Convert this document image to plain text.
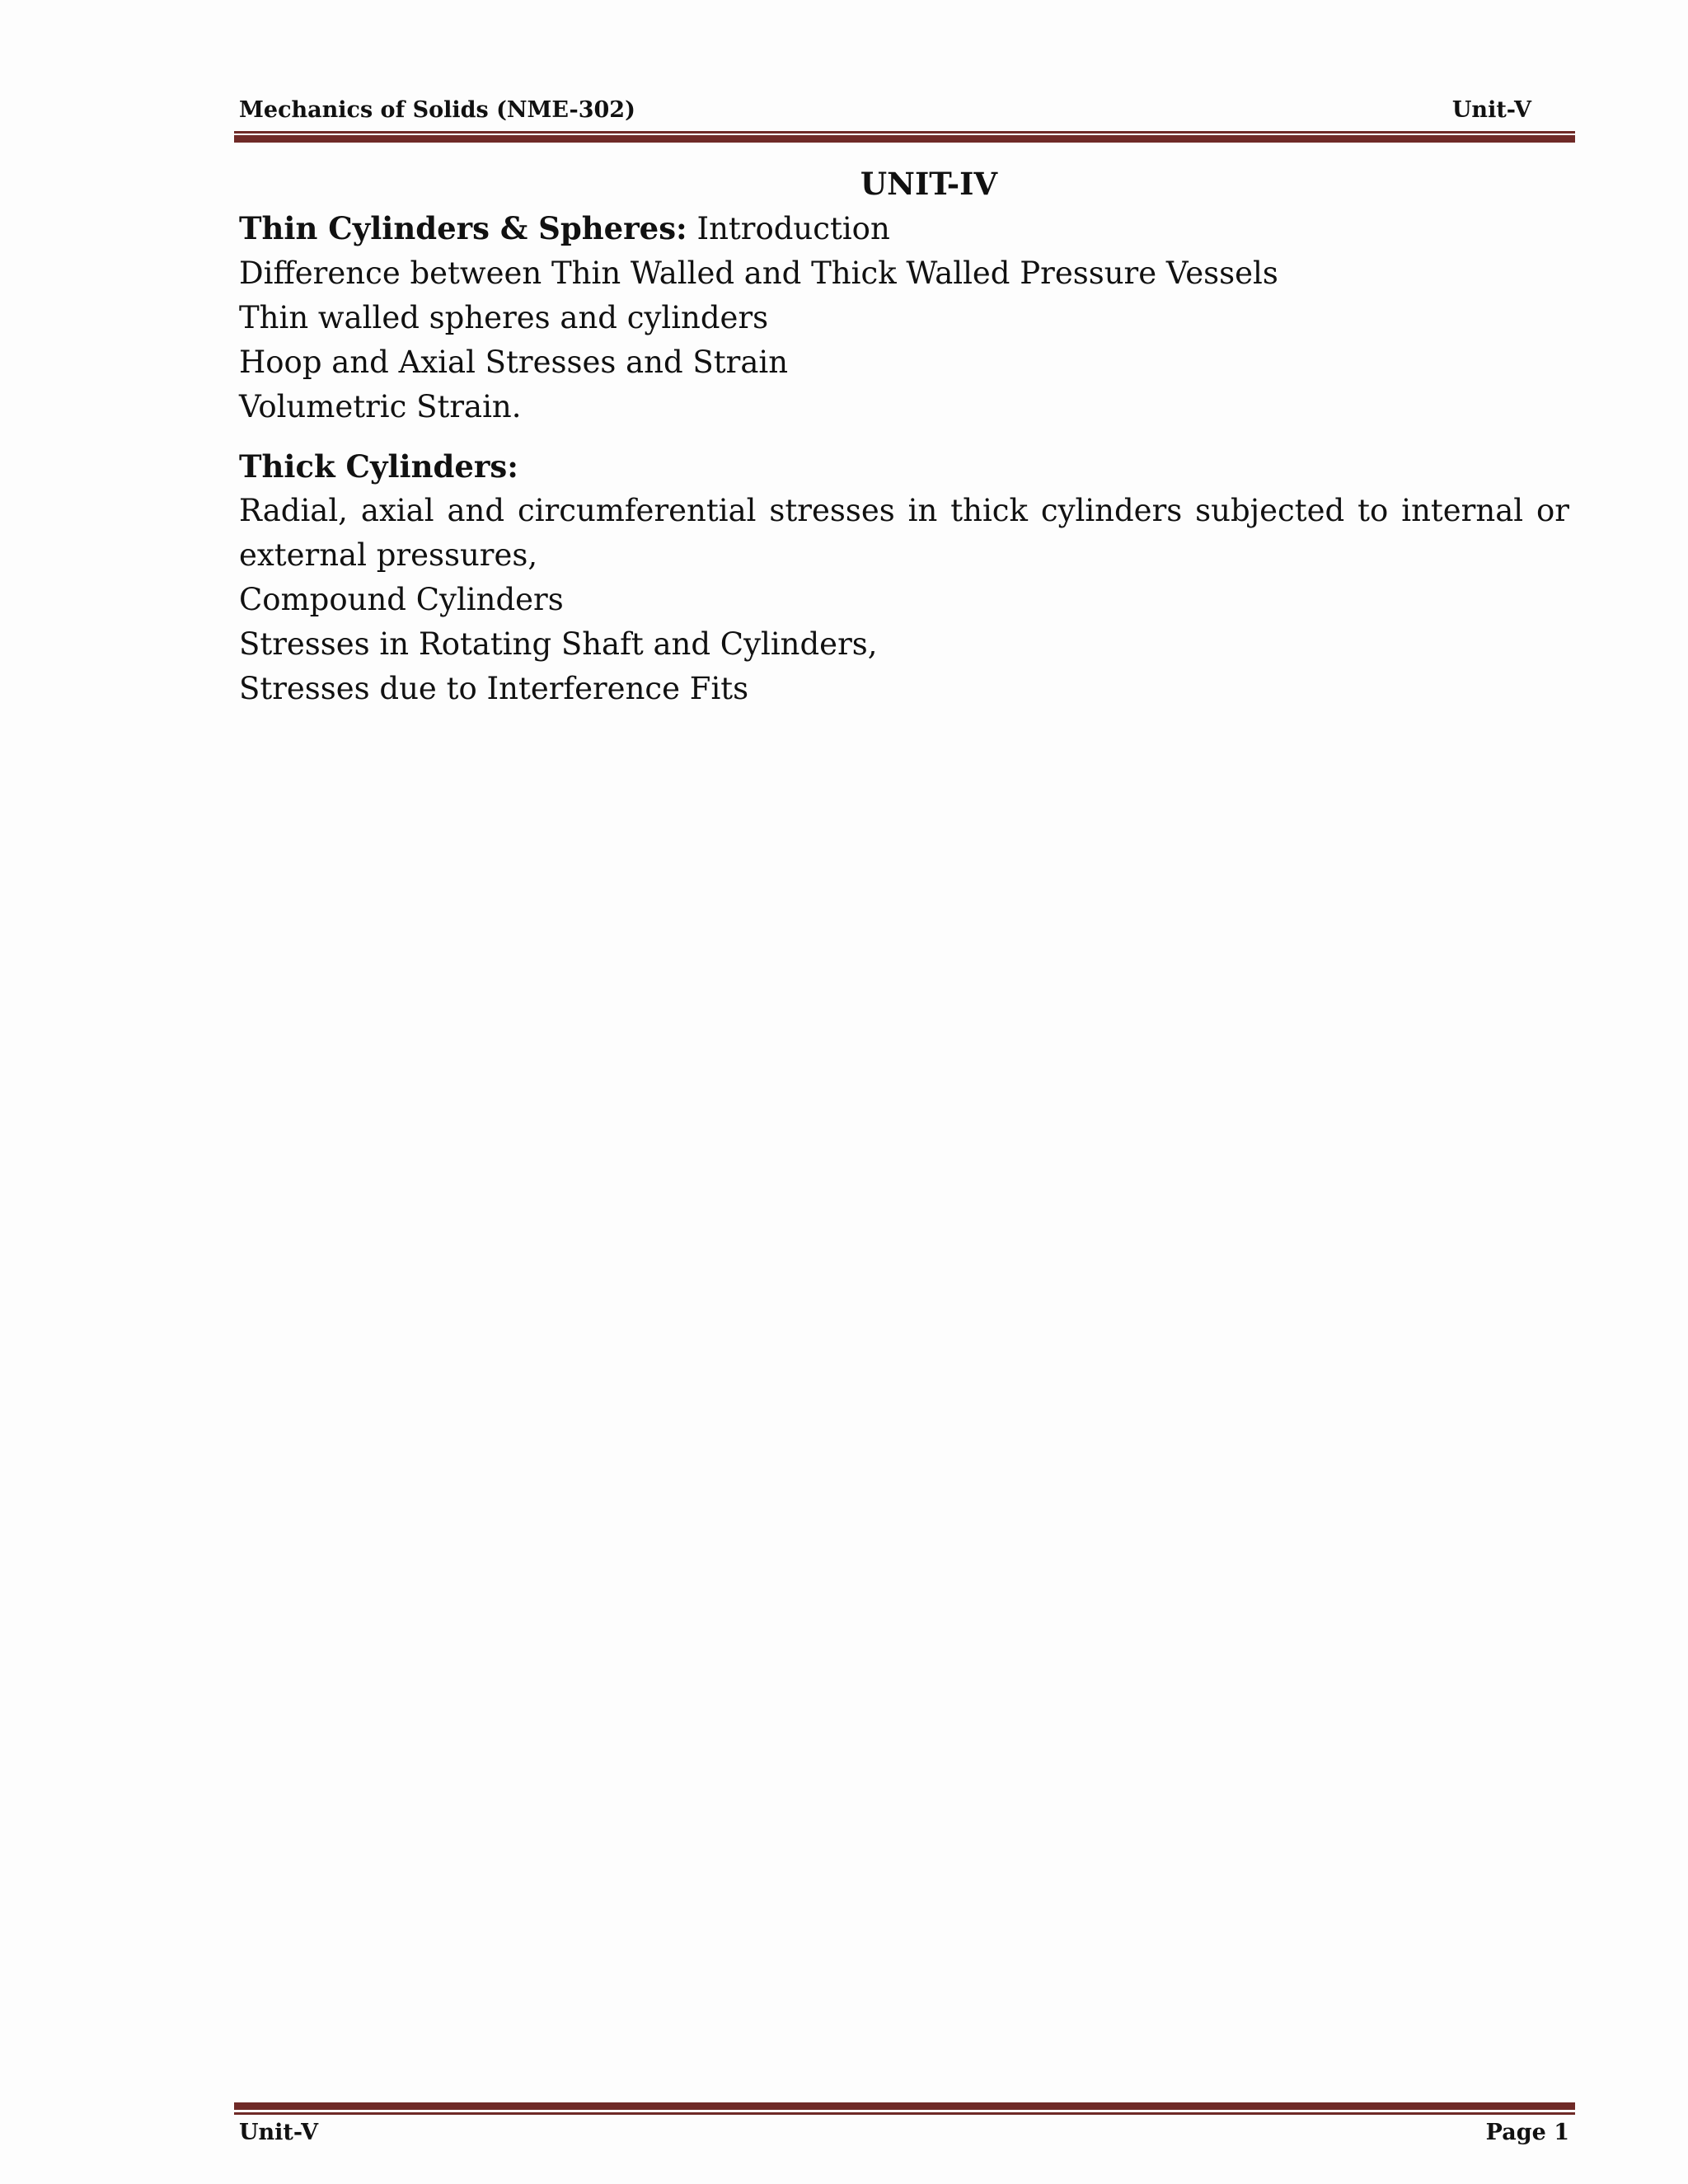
Mechanics of Solids (NME-302)	Unit-V
UNIT-IV
Thin Cylinders & Spheres: Introduction
Difference between Thin Walled and Thick Walled Pressure Vessels
Thin walled spheres and cylinders
Hoop and Axial Stresses and Strain
Volumetric Strain.
Thick Cylinders:
Radial, axial and circumferential stresses in thick cylinders subjected to internal or external pressures,
Compound Cylinders
Stresses in Rotating Shaft and Cylinders,
Stresses due to Interference Fits
Unit-V	Page 1
